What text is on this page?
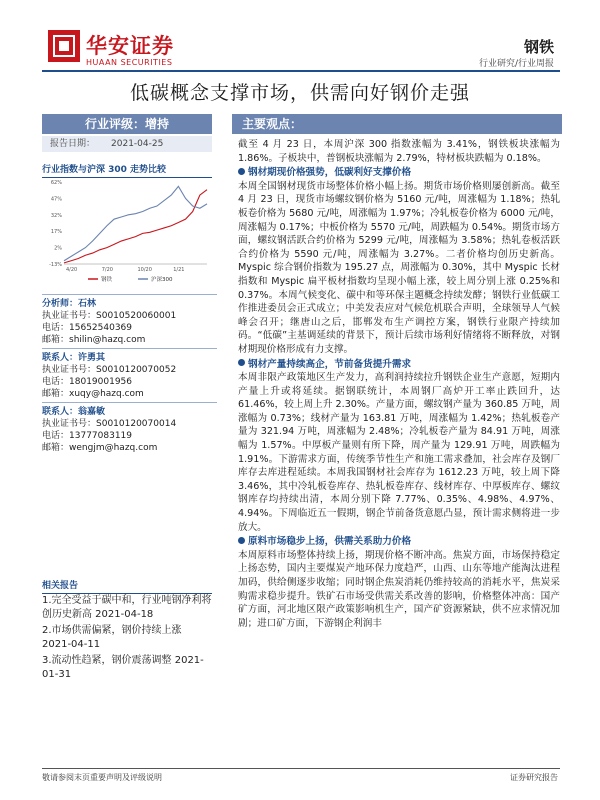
华安证券
HUAAN SECURITIES
钢铁
行业研究/行业周报
低碳概念支撑市场，供需向好钢价走强
行业评级：增持
报告日期： 2021-04-25
行业指数与沪深 300 走势比较
62%
47%
32%
17%
2%
-13%
4/20	7/20	10/20	1/21
钢铁	沪深300
分析师：石林
执业证书号：S0010520060001
电话：15652540369
邮箱：shilin@hazq.com
联系人：许勇其
执业证书号：S0010120070052
电话：18019001956
邮箱：xuqy@hazq.com
联系人：翁嘉敏
执业证书号：S0010120070014
电话：13777083119
邮箱：wengjm@hazq.com
相关报告
1.完全受益于碳中和，行业吨钢净利将创历史新高 2021-04-18
2.市场供需偏紧，钢价持续上涨 2021-04-11
3.流动性趋紧，钢价震荡调整 2021-01-31
主要观点：
截至 4 月 23 日，本周沪深 300 指数涨幅为 3.41%，钢铁板块涨幅为 1.86%。子板块中，普钢板块涨幅为 2.79%，特材板块跌幅为 0.18%。
钢材期现价格强势，低碳利好支撑价格
本周全国钢材现货市场整体价格小幅上扬。期货市场价格则屡创新高。截至 4 月 23 日，现货市场螺纹钢价格为 5160 元/吨，周涨幅为 1.18%；热轧板卷价格为 5680 元/吨，周涨幅为 1.97%；冷轧板卷价格为 6000 元/吨，周涨幅为 0.17%；中板价格为 5570 元/吨，周跌幅为 0.54%。期货市场方面，螺纹钢活跃合约价格为 5299 元/吨，周涨幅为 3.58%；热轧卷板活跃合约价格为 5590 元/吨，周涨幅为 3.27%。二者价格均创历史新高。Myspic 综合钢价指数为 195.27 点，周涨幅为 0.30%，其中 Myspic 长材指数和 Myspic 扁平板材指数均呈现小幅上涨，较上周分别上涨 0.25%和 0.37%。本周气候变化、碳中和等环保主题概念持续发酵；钢铁行业低碳工作推进委员会正式成立；中美发表应对气候危机联合声明，全球领导人气候峰会召开；继唐山之后，邯郸发布生产调控方案，钢铁行业限产持续加码。“低碳”主基调延续的背景下，预计后续市场利好情绪将不断释放，对钢材期现价格形成有力支撑。
钢材产量持续高企，节前备货提升需求
本周非限产政策地区生产发力，高利润持续拉升钢铁企业生产意愿，短期内产量上升或将延续。据钢联统计，本周钢厂高炉开工率止跌回升，达 61.46%，较上周上升 2.30%。产量方面，螺纹钢产量为 360.85 万吨，周涨幅为 0.73%；线材产量为 163.81 万吨，周涨幅为 1.42%；热轧板卷产量为 321.94 万吨，周涨幅为 2.48%；冷轧板卷产量为 84.91 万吨，周涨幅为 1.57%。中厚板产量则有所下降，周产量为 129.91 万吨，周跌幅为 1.91%。下游需求方面，传统季节性生产和施工需求叠加，社会库存及钢厂库存去库进程延续。本周我国钢材社会库存为 1612.23 万吨，较上周下降 3.46%，其中冷轧板卷库存、热轧板卷库存、线材库存、中厚板库存、螺纹钢库存均持续出清，本周分别下降 7.77%、0.35%、4.98%、4.97%、4.94%。下周临近五一假期，钢企节前备货意愿凸显，预计需求侧将进一步放大。
原料市场稳步上扬，供需关系助力价格
本周原料市场整体持续上扬，期现价格不断冲高。焦炭方面，市场保持稳定上扬态势，国内主要煤炭产地环保力度趋严，山西、山东等地产能淘汰进程加码，供给侧逐步收缩；同时钢企焦炭消耗仍维持较高的消耗水平，焦炭采购需求稳步提升。铁矿石市场受供需关系改善的影响，价格整体冲高：国产矿方面，河北地区限产政策影响机生产，国产矿资源紧缺，供不应求情况加剧；进口矿方面，下游钢企利润丰
敬请参阅末页重要声明及评级说明	证券研究报告
